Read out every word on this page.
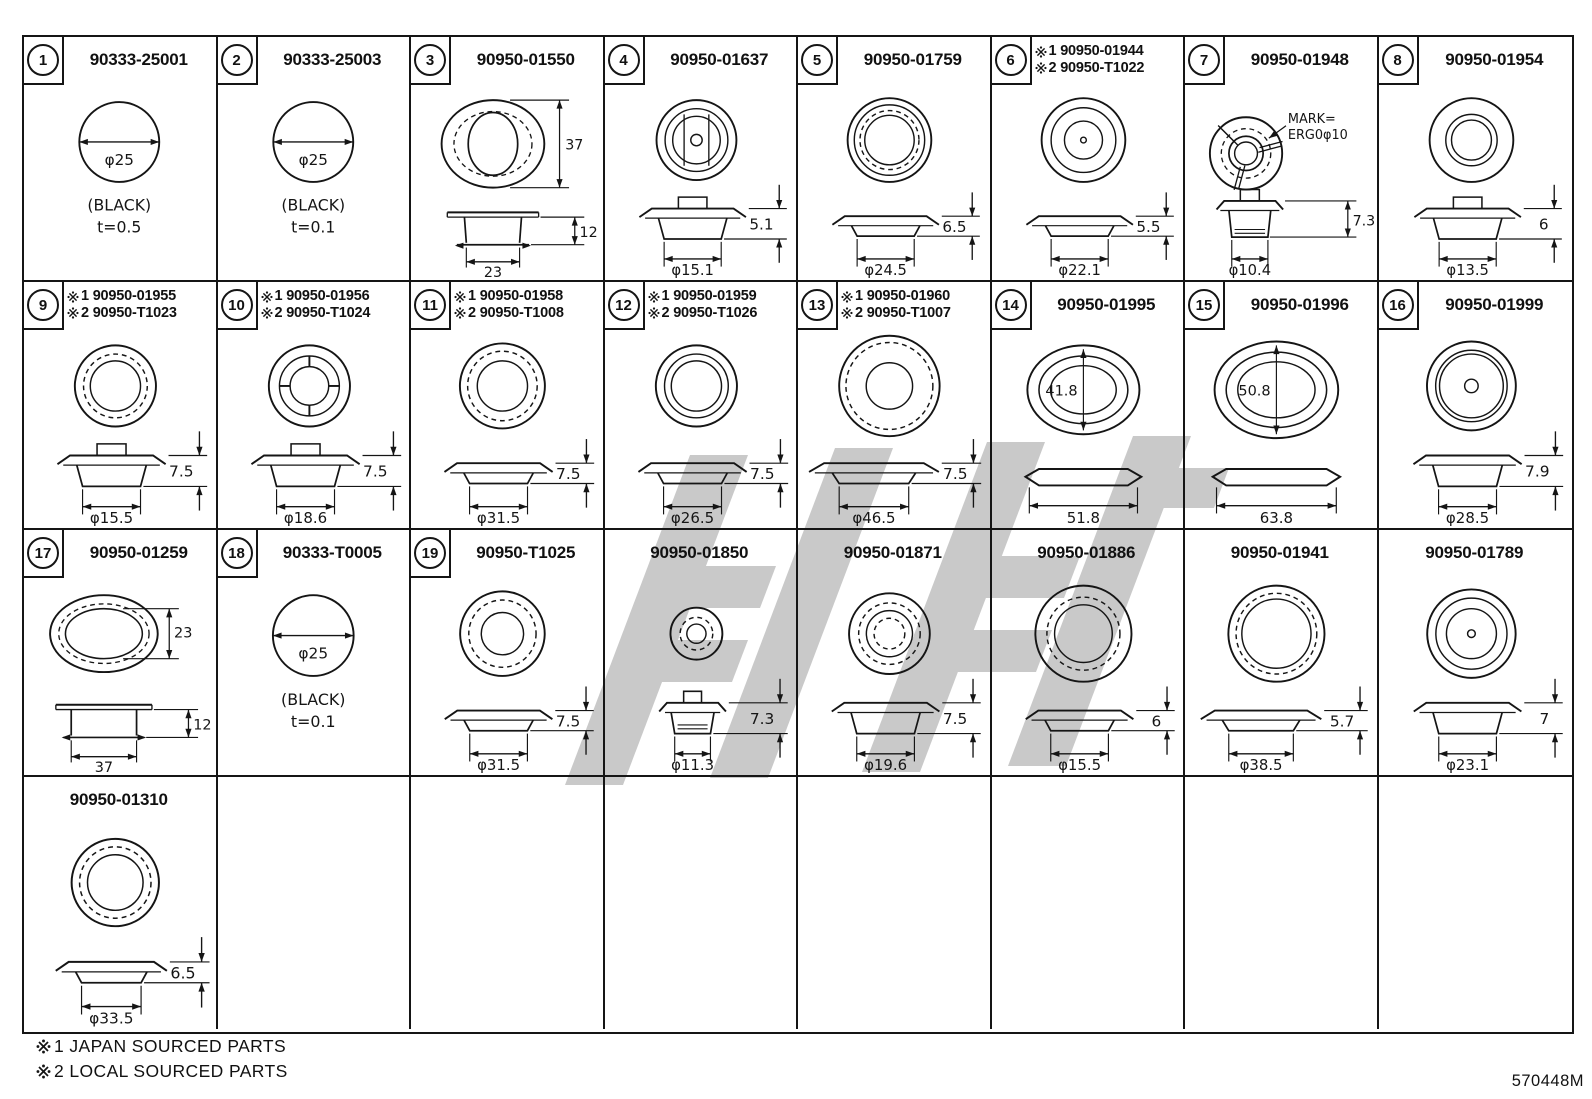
1	90333-25001
φ25
(BLACK)
t=0.5
2	90333-25003
φ25
(BLACK)
t=0.1
3	90950-01550
37
12
23
4	90950-01637
5.1
φ15.1
5	90950-01759
6.5
φ24.5
6
1 90950-01944
2 90950-T1022
5.5
φ22.1
7	90950-01948
MARK=
ERG0φ10
7.3
φ10.4
8	90950-01954
6
φ13.5
9
1 90950-01955
2 90950-T1023
7.5
φ15.5
10
1 90950-01956
2 90950-T1024
7.5
φ18.6
11
1 90950-01958
2 90950-T1008
7.5
φ31.5
12
1 90950-01959
2 90950-T1026
7.5
φ26.5
13
1 90950-01960
2 90950-T1007
7.5
φ46.5
14	90950-01995
41.8
51.8
15	90950-01996
50.8
63.8
16	90950-01999
7.9
φ28.5
17	90950-01259
23
12
37
18	90333-T0005
φ25
(BLACK)
t=0.1
19	90950-T1025
7.5
φ31.5
90950-01850
7.3
φ11.3
90950-01871
7.5
φ19.6
90950-01886
6
φ15.5
90950-01941
5.7
φ38.5
90950-01789
7
φ23.1
90950-01310
6.5
φ33.5
1 JAPAN SOURCED PARTS
2 LOCAL SOURCED PARTS	570448M
